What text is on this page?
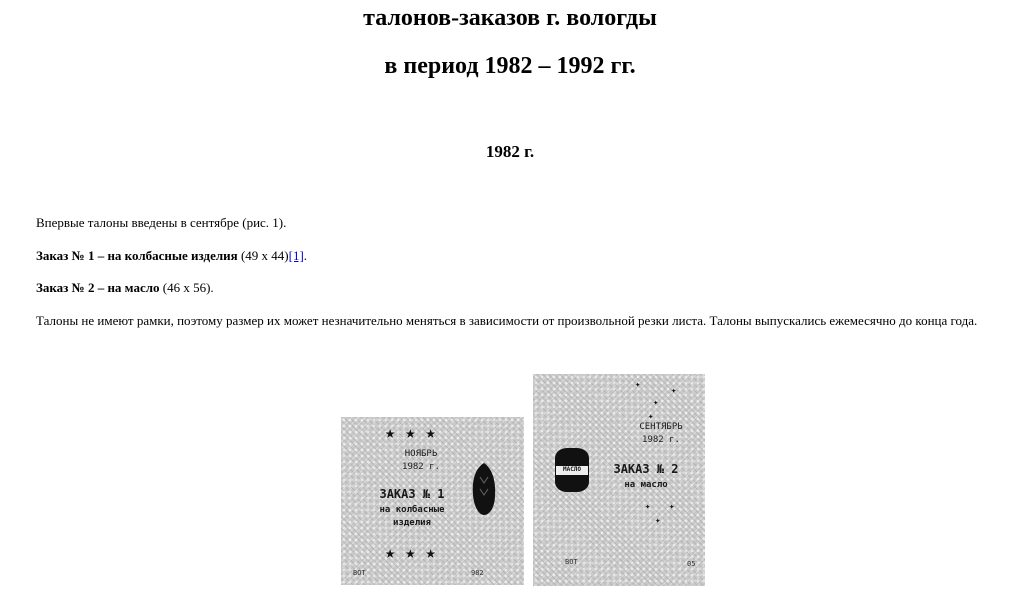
талонов-заказов г. вологды
в период 1982 – 1992 гг.
1982 г.
Впервые талоны введены в сентябре (рис. 1).
Заказ № 1 – на колбасные изделия (49 х 44)[1].
Заказ № 2 – на масло (46 х 56).
Талоны не имеют рамки, поэтому размер их может незначительно меняться в зависимости от произвольной резки листа. Талоны выпускались ежемесячно до конца года.
★★★
НОЯБРЬ
1982 г.
ЗАКАЗ № 1
на колбасные
изделия
★★★
ВОТ	982
✦
✦
✦
✦
СЕНТЯБРЬ
1982 г.
МАСЛО	ЗАКАЗ № 2
на масло
✦ ✦
✦
ВОТ	05
